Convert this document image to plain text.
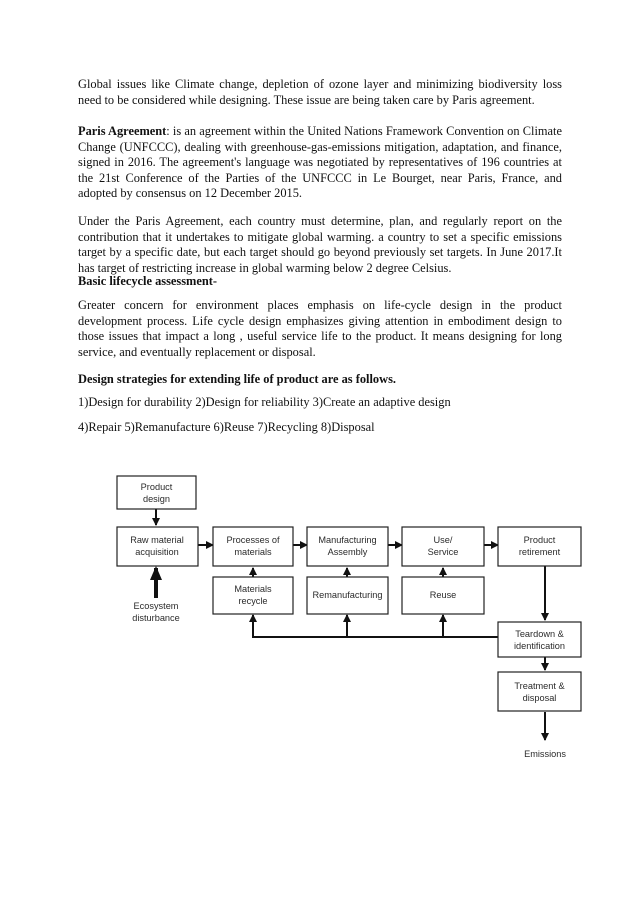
Global issues like Climate change, depletion of ozone layer and minimizing biodiversity loss need to be considered while designing. These issue are being taken care by Paris agreement.

Paris Agreement: is an agreement within the United Nations Framework Convention on Climate Change (UNFCCC), dealing with greenhouse-gas-emissions mitigation, adaptation, and finance, signed in 2016. The agreement's language was negotiated by representatives of 196 countries at the 21st Conference of the Parties of the UNFCCC in Le Bourget, near Paris, France, and adopted by consensus on 12 December 2015.

Under the Paris Agreement, each country must determine, plan, and regularly report on the contribution that it undertakes to mitigate global warming. a country to set a specific emissions target by a specific date, but each target should go beyond previously set targets. In June 2017.It has target of restricting increase in global warming below 2 degree Celsius.

Basic lifecycle assessment-

Greater concern for environment places emphasis on life-cycle design in the product development process. Life cycle design emphasizes giving attention in embodiment design to those issues that impact a long , useful service life to the product. It means designing for long service, and eventually replacement or disposal.

Design strategies for extending life of product are as follows.
1)Design for durability 2)Design for reliability 3)Create an adaptive design
4)Repair 5)Remanufacture 6)Reuse 7)Recycling 8)Disposal
Product
design
Raw material
acquisition
Processes of
materials
Manufacturing
Assembly
Use/
Service
Product
retirement
Materials
recycle
Remanufacturing	Reuse
Teardown &
identification
Treatment &
disposal
Ecosystem
disturbance
Emissions
